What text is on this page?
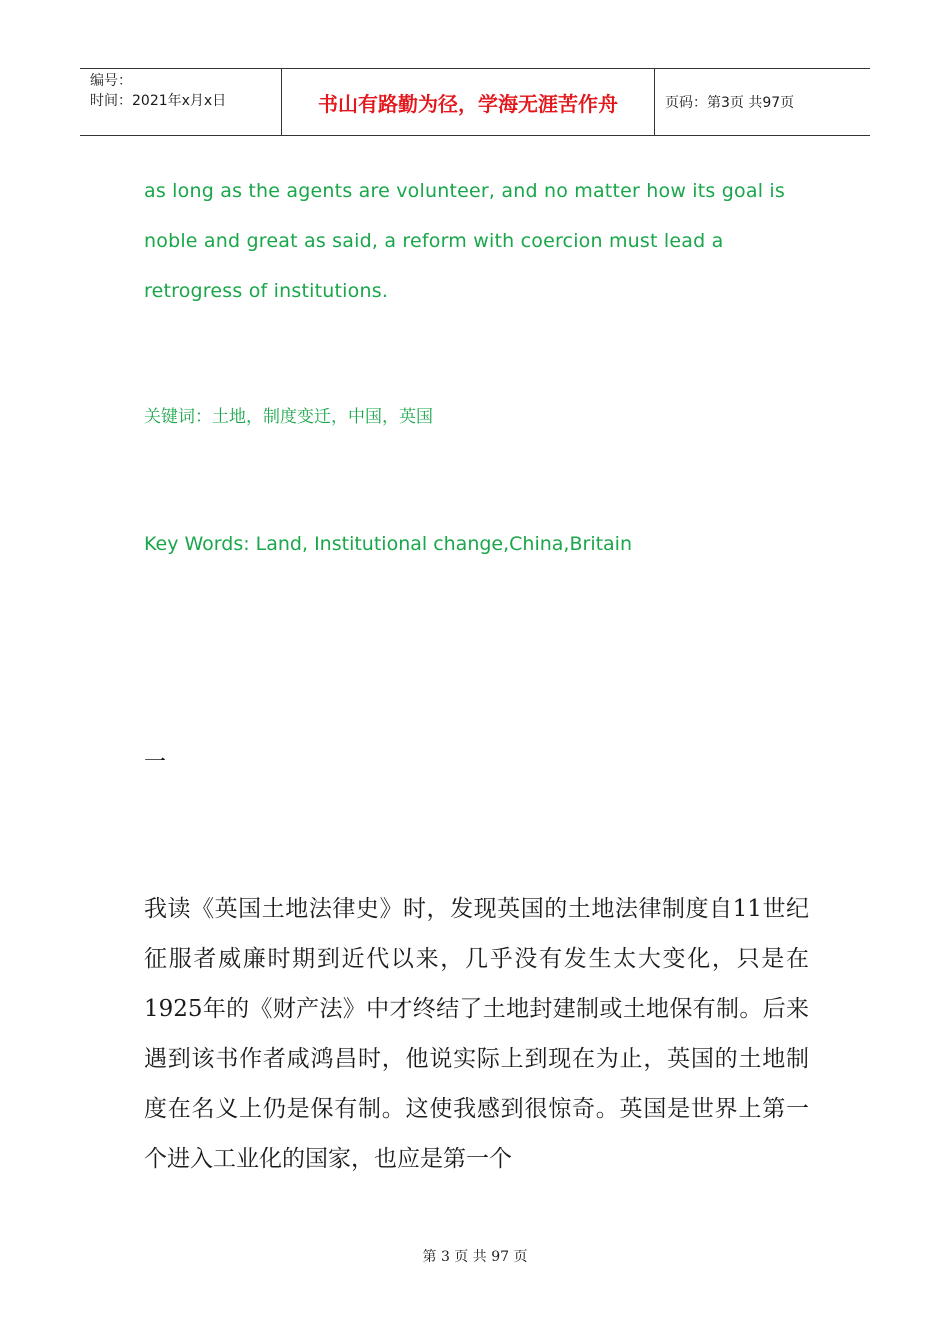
编号：
时间：2021年x月x日	书山有路勤为径，学海无涯苦作舟	页码：第3页 共97页
as long as the agents are volunteer, and no matter how its goal is noble and great as said, a reform with coercion must lead a retrogress of institutions.
关键词：土地，制度变迁，中国，英国
Key Words: Land, Institutional change,China,Britain
一
我读《英国土地法律史》时，发现英国的土地法律制度自11世纪征服者威廉时期到近代以来，几乎没有发生太大变化，只是在1925年的《财产法》中才终结了土地封建制或土地保有制。后来遇到该书作者咸鸿昌时，他说实际上到现在为止，英国的土地制度在名义上仍是保有制。这使我感到很惊奇。英国是世界上第一个进入工业化的国家，也应是第一个
第 3 页 共 97 页
